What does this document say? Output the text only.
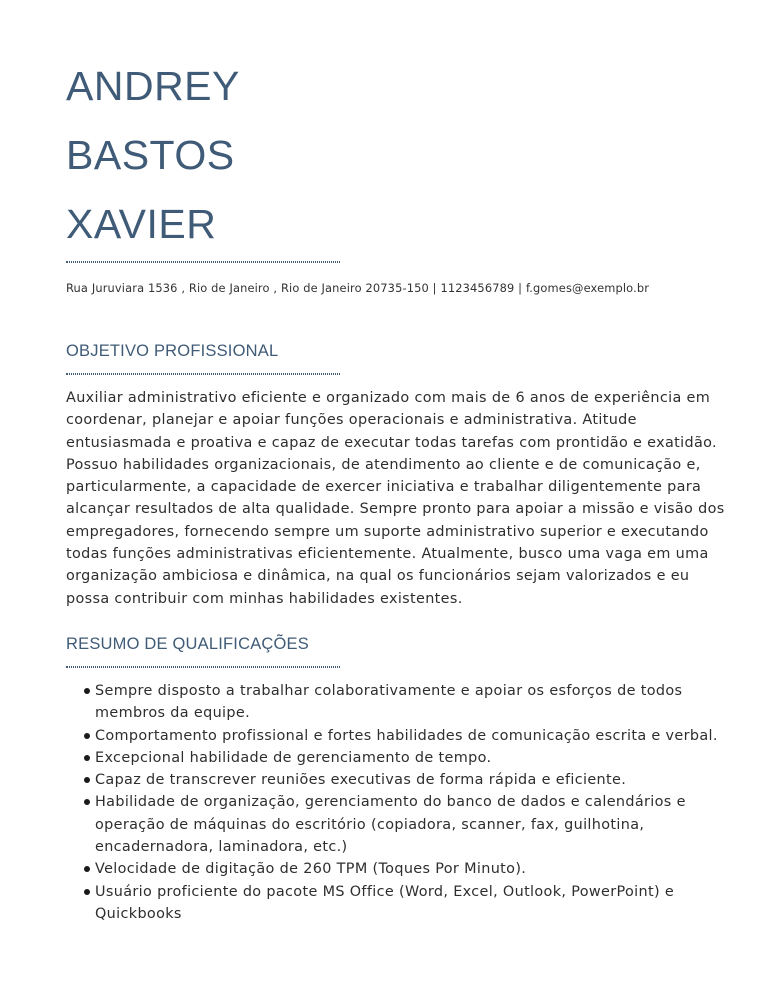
ANDREY
BASTOS
XAVIER
Rua Juruviara 1536 , Rio de Janeiro , Rio de Janeiro 20735-150 | 1123456789 | f.gomes@exemplo.br
OBJETIVO PROFISSIONAL

Auxiliar administrativo eficiente e organizado com mais de 6 anos de experiência em coordenar, planejar e apoiar funções operacionais e administrativa. Atitude entusiasmada e proativa e capaz de executar todas tarefas com prontidão e exatidão. Possuo habilidades organizacionais, de atendimento ao cliente e de comunicação e, particularmente, a capacidade de exercer iniciativa e trabalhar diligentemente para alcançar resultados de alta qualidade. Sempre pronto para apoiar a missão e visão dos empregadores, fornecendo sempre um suporte administrativo superior e executando todas funções administrativas eficientemente. Atualmente, busco uma vaga em uma organização ambiciosa e dinâmica, na qual os funcionários sejam valorizados e eu possa contribuir com minhas habilidades existentes.

RESUMO DE QUALIFICAÇÕES
Sempre disposto a trabalhar colaborativamente e apoiar os esforços de todos membros da equipe.
Comportamento profissional e fortes habilidades de comunicação escrita e verbal.
Excepcional habilidade de gerenciamento de tempo.
Capaz de transcrever reuniões executivas de forma rápida e eficiente.
Habilidade de organização, gerenciamento do banco de dados e calendários e operação de máquinas do escritório (copiadora, scanner, fax, guilhotina, encadernadora, laminadora, etc.)
Velocidade de digitação de 260 TPM (Toques Por Minuto).
Usuário proficiente do pacote MS Office (Word, Excel, Outlook, PowerPoint) e Quickbooks
